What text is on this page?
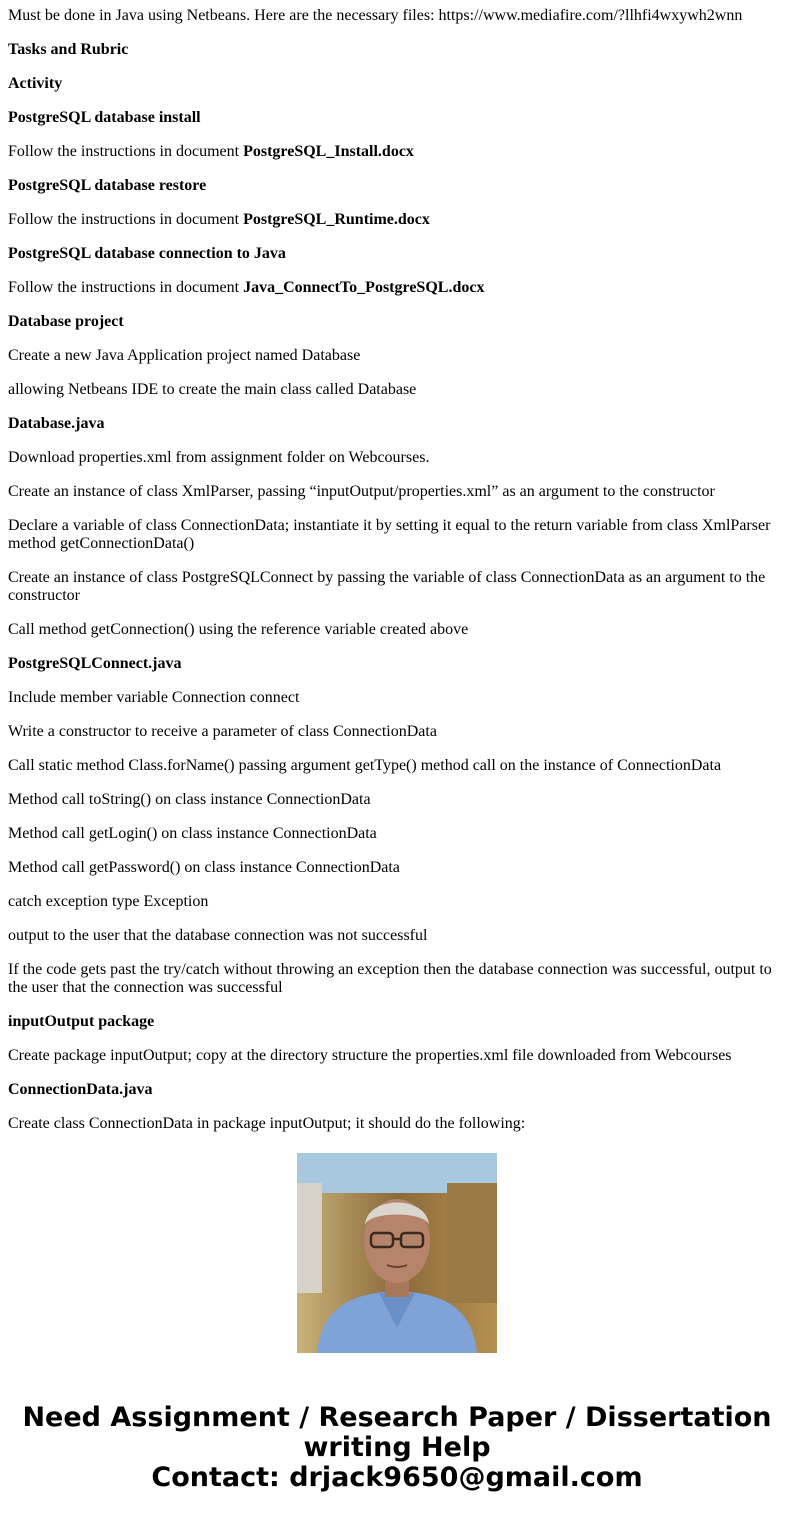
Must be done in Java using Netbeans. Here are the necessary files: https://www.mediafire.com/?llhfi4wxywh2wnn

Tasks and Rubric

Activity

PostgreSQL database install

Follow the instructions in document PostgreSQL_Install.docx

PostgreSQL database restore

Follow the instructions in document PostgreSQL_Runtime.docx

PostgreSQL database connection to Java

Follow the instructions in document Java_ConnectTo_PostgreSQL.docx

Database project

Create a new Java Application project named Database

allowing Netbeans IDE to create the main class called Database

Database.java

Download properties.xml from assignment folder on Webcourses.

Create an instance of class XmlParser, passing “inputOutput/properties.xml” as an argument to the constructor

Declare a variable of class ConnectionData; instantiate it by setting it equal to the return variable from class XmlParser method getConnectionData()

Create an instance of class PostgreSQLConnect by passing the variable of class ConnectionData as an argument to the constructor

Call method getConnection() using the reference variable created above

PostgreSQLConnect.java

Include member variable Connection connect

Write a constructor to receive a parameter of class ConnectionData

Call static method Class.forName() passing argument getType() method call on the instance of ConnectionData

Method call toString() on class instance ConnectionData

Method call getLogin() on class instance ConnectionData

Method call getPassword() on class instance ConnectionData

catch exception type Exception

output to the user that the database connection was not successful

If the code gets past the try/catch without throwing an exception then the database connection was successful, output to the user that the connection was successful

inputOutput package

Create package inputOutput; copy at the directory structure the properties.xml file downloaded from Webcourses

ConnectionData.java

Create class ConnectionData in package inputOutput; it should do the following:

Need Assignment / Research Paper / Dissertation
writing Help
Contact: drjack9650@gmail.com
